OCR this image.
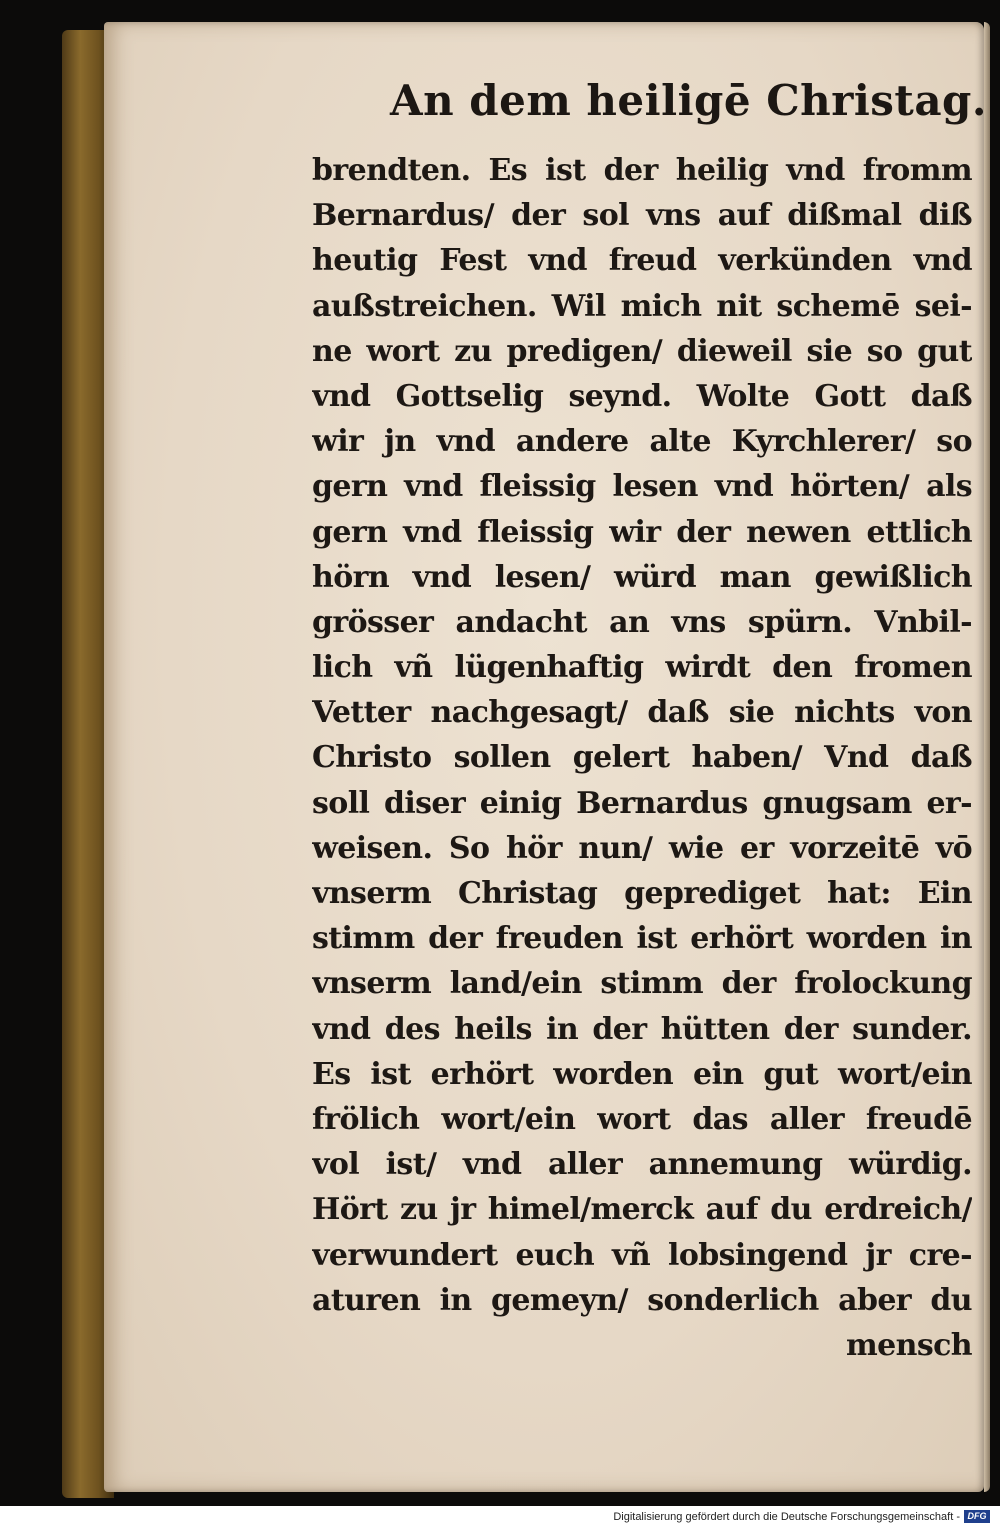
An dem heiligē Christag.
brendten. Es ist der heilig vnd fromm
Bernardus/ der sol vns auf dißmal diß
heutig Fest vnd freud verkünden vnd
außstreichen. Wil mich nit schemē sei-
ne wort zu predigen/ dieweil sie so gut
vnd Gottselig seynd. Wolte Gott daß
wir jn vnd andere alte Kyrchlerer/ so
gern vnd fleissig lesen vnd hörten/ als
gern vnd fleissig wir der newen ettlich
hörn vnd lesen/ würd man gewißlich
grösser andacht an vns spürn. Vnbil-
lich vñ lügenhaftig wirdt den fromen
Vetter nachgesagt/ daß sie nichts von
Christo sollen gelert haben/ Vnd daß
soll diser einig Bernardus gnugsam er-
weisen. So hör nun/ wie er vorzeitē vō
vnserm Christag geprediget hat: Ein
stimm der freuden ist erhört worden in
vnserm land/ein stimm der frolockung
vnd des heils in der hütten der sunder.
Es ist erhört worden ein gut wort/ein
frölich wort/ein wort das aller freudē
vol ist/ vnd aller annemung würdig.
Hört zu jr himel/merck auf du erdreich/
verwundert euch vñ lobsingend jr cre-
aturen in gemeyn/ sonderlich aber du
mensch
Digitalisierung gefördert durch die Deutsche Forschungsgemeinschaft - DFG
